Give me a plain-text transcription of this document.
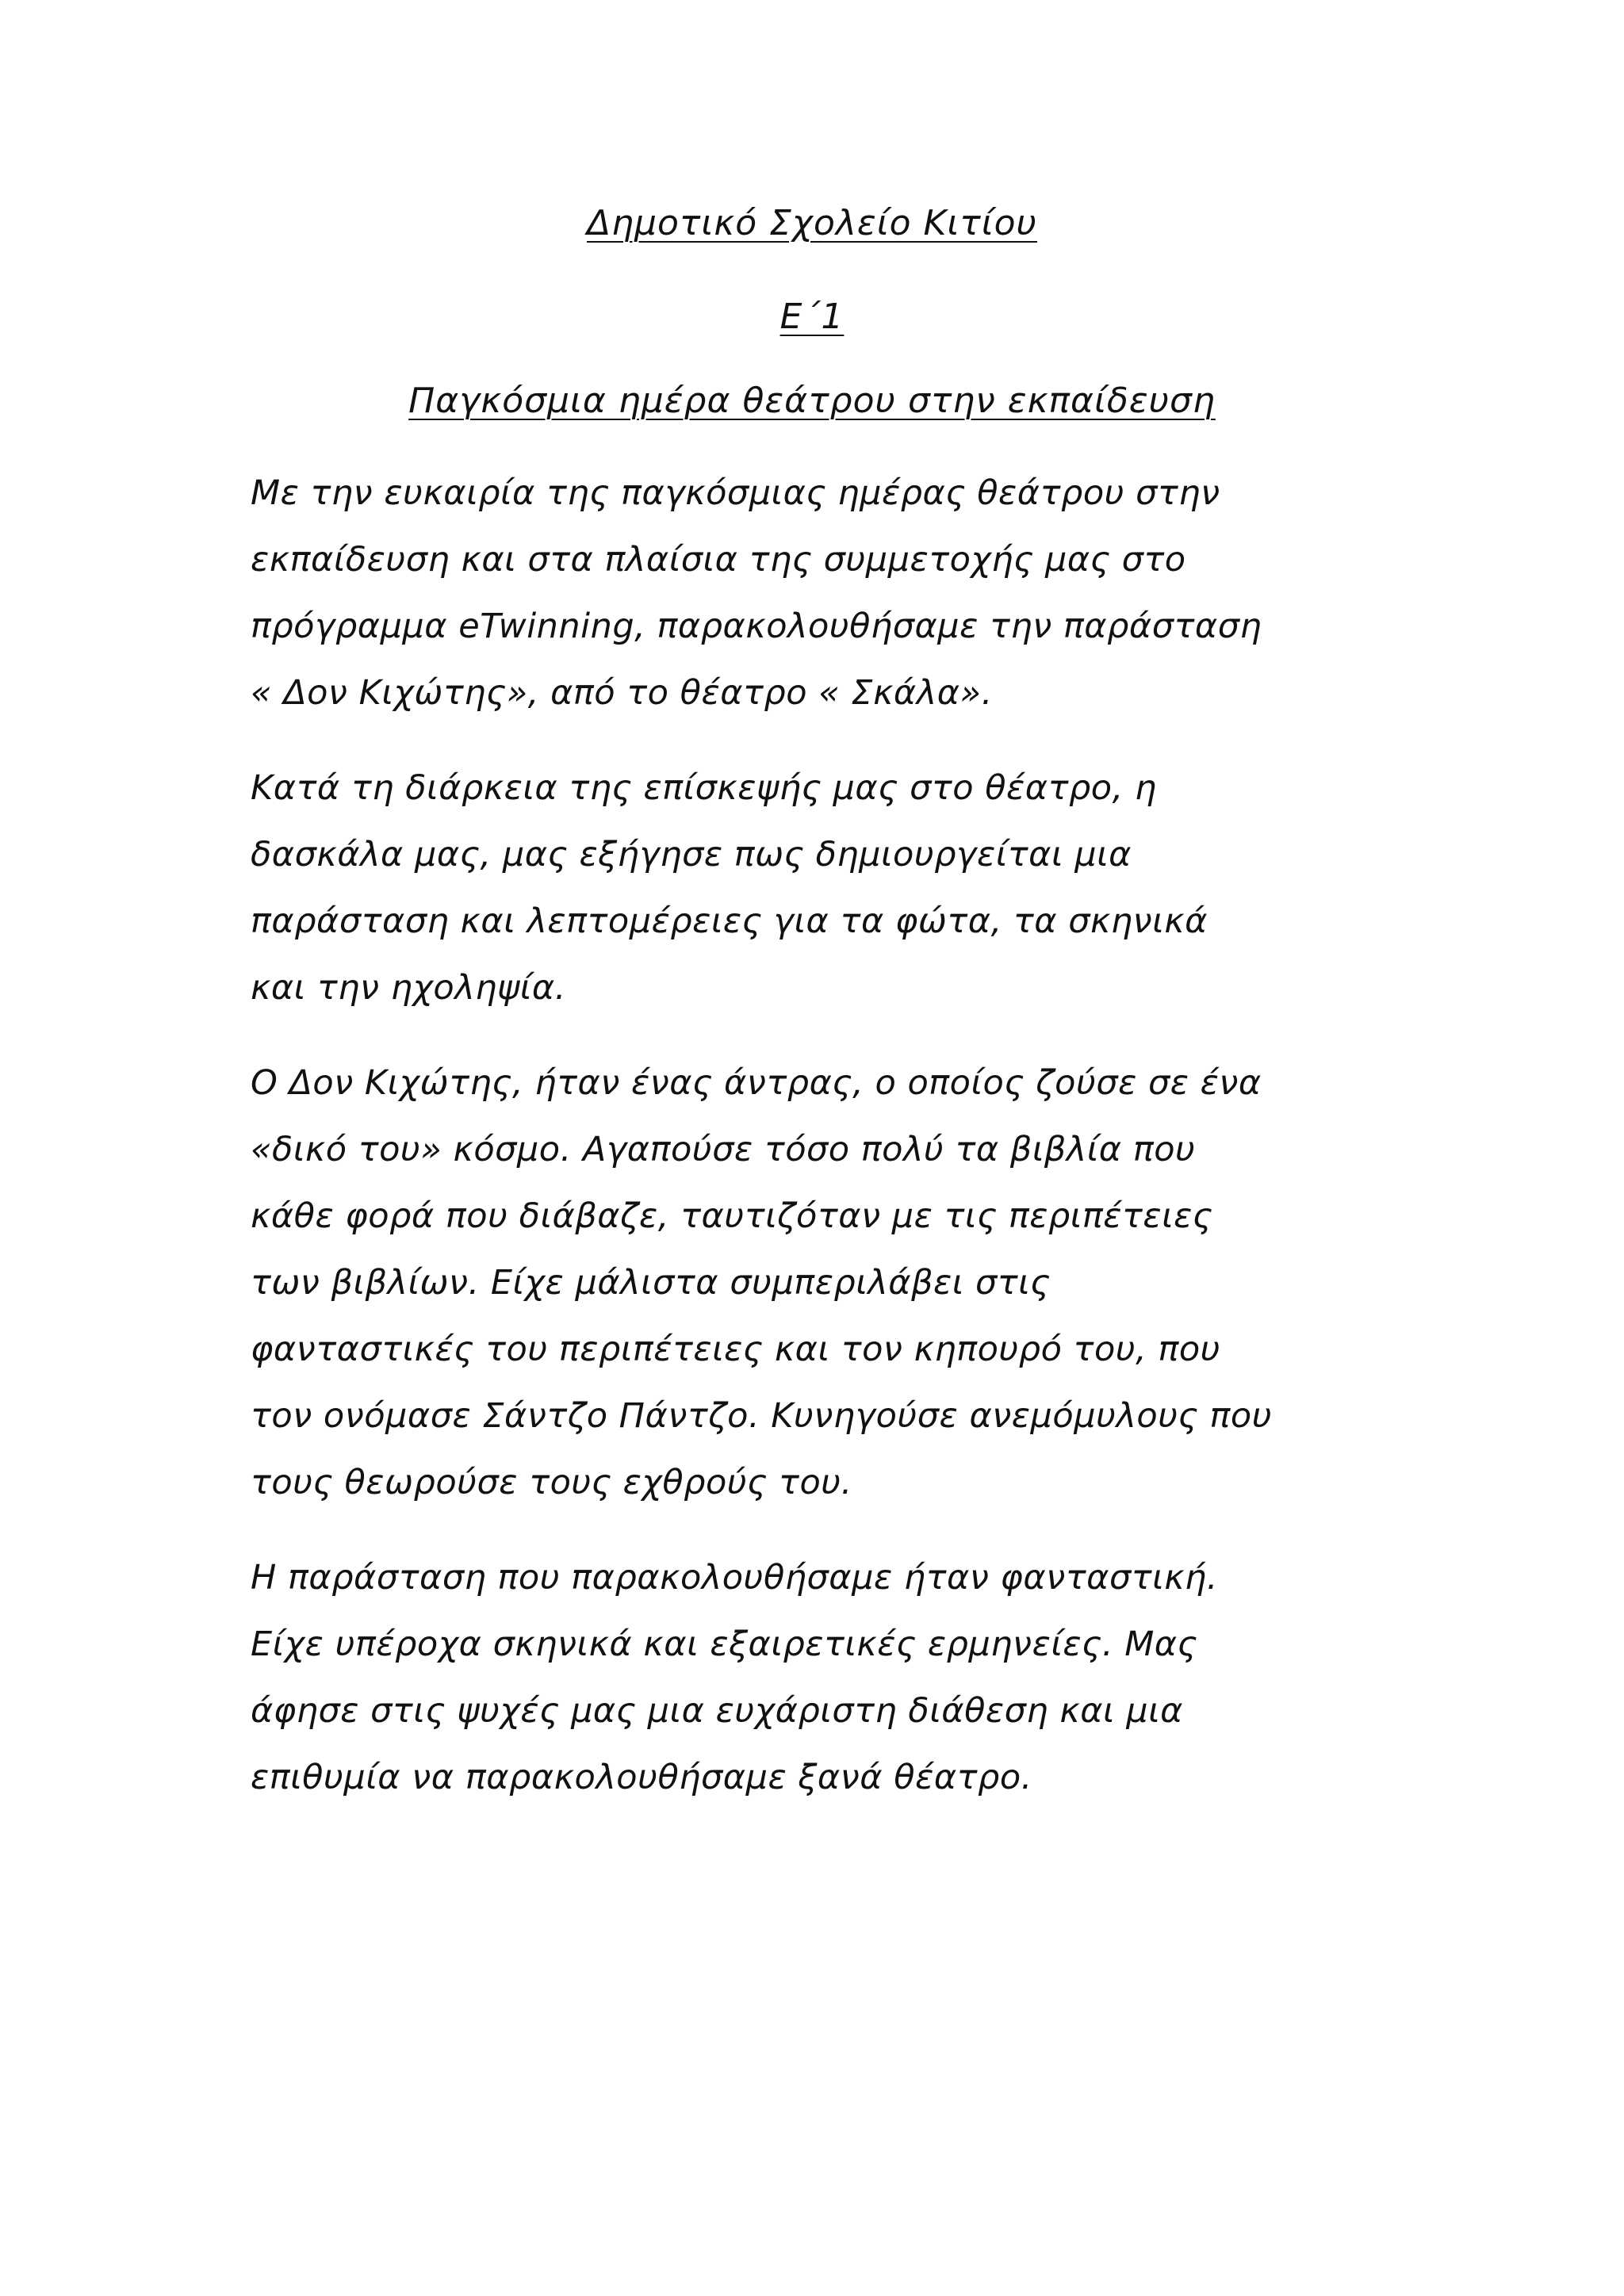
Δημοτικό Σχολείο Κιτίου
Ε΄1
Παγκόσμια ημέρα θεάτρου στην εκπαίδευση

Με την ευκαιρία της παγκόσμιας ημέρας θεάτρου στην
εκπαίδευση και στα πλαίσια της συμμετοχής μας στο
πρόγραμμα eTwinning, παρακολουθήσαμε την παράσταση
« Δον Κιχώτης», από το θέατρο « Σκάλα».

Κατά τη διάρκεια της επίσκεψής μας στο θέατρο, η
δασκάλα μας, μας εξήγησε πως δημιουργείται μια
παράσταση και λεπτομέρειες για τα φώτα, τα σκηνικά
και την ηχοληψία.

Ο Δον Κιχώτης, ήταν ένας άντρας, ο οποίος ζούσε σε ένα
«δικό του» κόσμο. Αγαπούσε τόσο πολύ τα βιβλία που
κάθε φορά που διάβαζε, ταυτιζόταν με τις περιπέτειες
των βιβλίων. Είχε μάλιστα συμπεριλάβει στις
φανταστικές του περιπέτειες και τον κηπουρό του, που
τον ονόμασε Σάντζο Πάντζο. Κυνηγούσε ανεμόμυλους που
τους θεωρούσε τους εχθρούς του.

Η παράσταση που παρακολουθήσαμε ήταν φανταστική.
Είχε υπέροχα σκηνικά και εξαιρετικές ερμηνείες. Μας
άφησε στις ψυχές μας μια ευχάριστη διάθεση και μια
επιθυμία να παρακολουθήσαμε ξανά θέατρο.
